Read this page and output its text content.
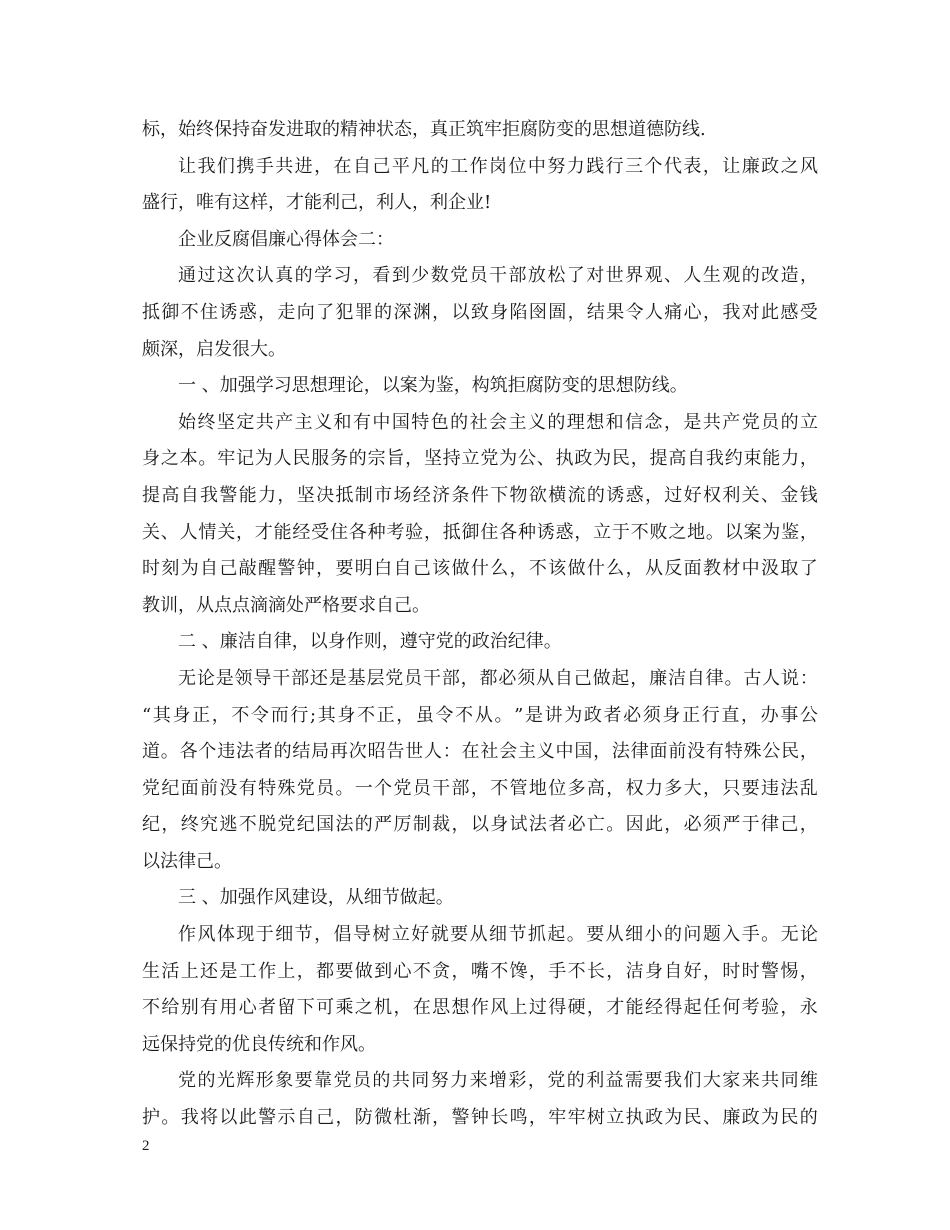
标，始终保持奋发进取的精神状态，真正筑牢拒腐防变的思想道德防线.
让 我 们 携 手 共 进 ， 在 自 己 平 凡 的 工 作 岗 位 中 努 力 践 行 三 个 代 表 ， 让 廉 政 之 风
盛行，唯有这样，才能利己，利人，利企业!
企业反腐倡廉心得体会二：
通 过 这 次 认 真 的 学 习 ， 看 到 少 数 党 员 干 部 放 松 了 对 世 界 观 、 人 生 观 的 改 造 ，
抵 御 不 住 诱 惑 ， 走 向 了 犯 罪 的 深 渊 ， 以 致 身 陷 囹 圄 ， 结 果 令 人 痛 心 ， 我 对 此 感 受
颇深，启发很大。
一 、加强学习思想理论，以案为鉴，构筑拒腐防变的思想防线。
始 终 坚 定 共 产 主 义 和 有 中 国 特 色 的 社 会 主 义 的 理 想 和 信 念 ， 是 共 产 党 员 的 立
身 之 本 。 牢 记 为 人 民 服 务 的 宗 旨 ， 坚 持 立 党 为 公 、 执 政 为 民 ， 提 高 自 我 约 束 能 力 ，
提 高 自 我 警 能 力 ， 坚 决 抵 制 市 场 经 济 条 件 下 物 欲 横 流 的 诱 惑 ， 过 好 权 利 关 、 金 钱
关 、 人 情 关 ， 才 能 经 受 住 各 种 考 验 ， 抵 御 住 各 种 诱 惑 ， 立 于 不 败 之 地 。 以 案 为 鉴 ，
时 刻 为 自 己 敲 醒 警 钟 ， 要 明 白 自 己 该 做 什 么 ， 不 该 做 什 么 ， 从 反 面 教 材 中 汲 取 了
教训，从点点滴滴处严格要求自己。
二 、廉洁自律，以身作则，遵守党的政治纪律。
无 论 是 领 导 干 部 还 是 基 层 党 员 干 部 ， 都 必 须 从 自 己 做 起 ， 廉 洁 自 律 。 古 人 说 ：
“ 其 身 正 ， 不 令 而 行 ; 其 身 不 正 ， 虽 令 不 从 。 ” 是 讲 为 政 者 必 须 身 正 行 直 ， 办 事 公
道 。 各 个 违 法 者 的 结 局 再 次 昭 告 世 人 ： 在 社 会 主 义 中 国 ， 法 律 面 前 没 有 特 殊 公 民 ，
党 纪 面 前 没 有 特 殊 党 员 。 一 个 党 员 干 部 ， 不 管 地 位 多 高 ， 权 力 多 大 ， 只 要 违 法 乱
纪 ， 终 究 逃 不 脱 党 纪 国 法 的 严 厉 制 裁 ， 以 身 试 法 者 必 亡 。 因 此 ， 必 须 严 于 律 己 ，
以法律己。
三 、加强作风建设，从细节做起。
作 风 体 现 于 细 节 ， 倡 导 树 立 好 就 要 从 细 节 抓 起 。 要 从 细 小 的 问 题 入 手 。 无 论
生 活 上 还 是 工 作 上 ， 都 要 做 到 心 不 贪 ， 嘴 不 馋 ， 手 不 长 ， 洁 身 自 好 ， 时 时 警 惕 ，
不 给 别 有 用 心 者 留 下 可 乘 之 机 ， 在 思 想 作 风 上 过 得 硬 ， 才 能 经 得 起 任 何 考 验 ， 永
远保持党的优良传统和作风。
党 的 光 辉 形 象 要 靠 党 员 的 共 同 努 力 来 增 彩 ， 党 的 利 益 需 要 我 们 大 家 来 共 同 维
护 。 我 将 以 此 警 示 自 己 ， 防 微 杜 渐 ， 警 钟 长 鸣 ， 牢 牢 树 立 执 政 为 民 、 廉 政 为 民 的
2
